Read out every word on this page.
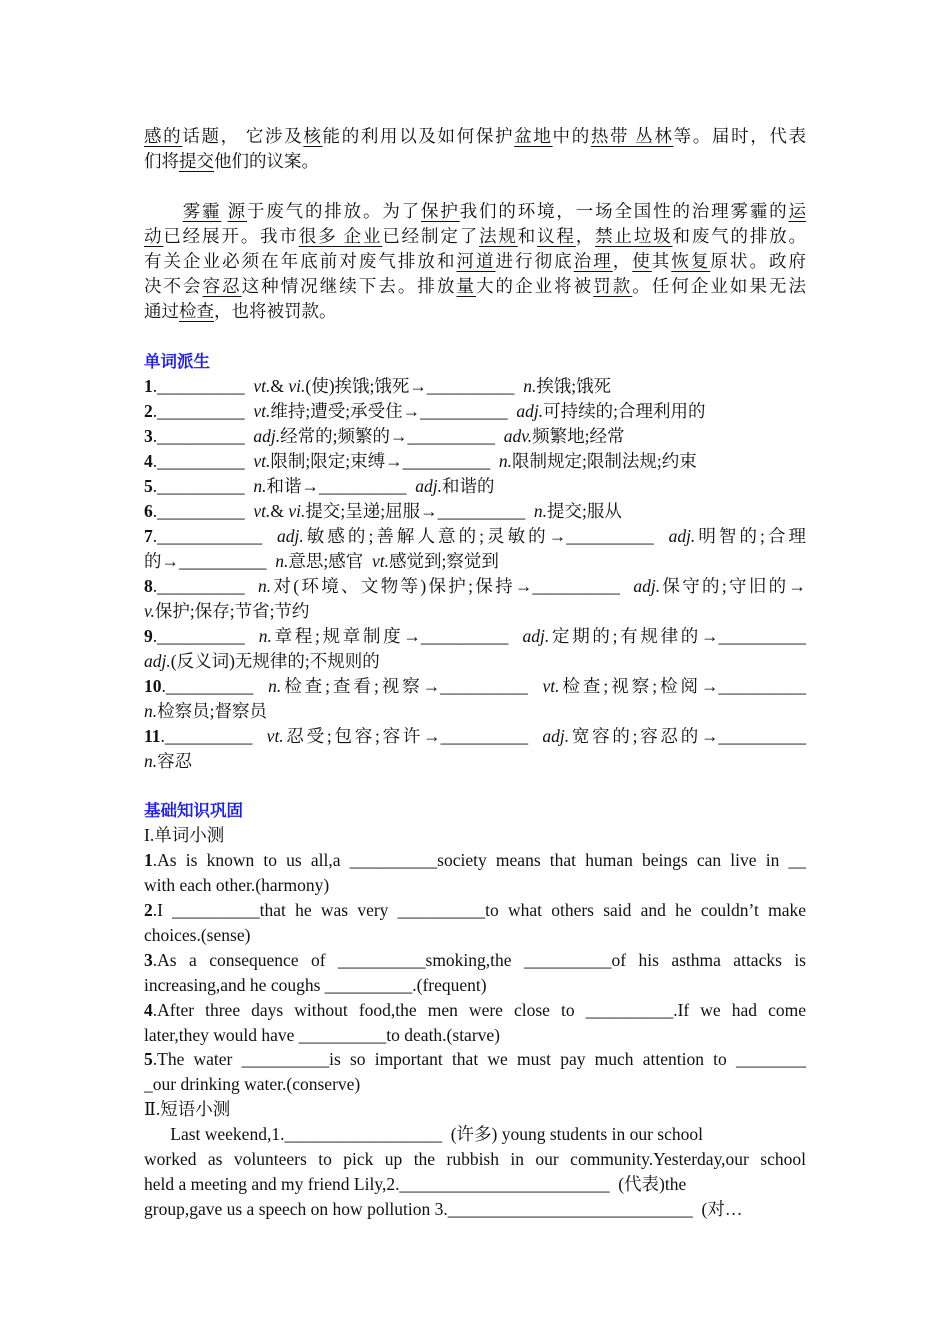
感的话题， 它涉及核能的利用以及如何保护盆地中的热带 丛林等。届时，代表
们将提交他们的议案。
　　雾霾 源于废气的排放。为了保护我们的环境，一场全国性的治理雾霾的运
动已经展开。我市很多 企业已经制定了法规和议程，禁止垃圾和废气的排放。
有关企业必须在年底前对废气排放和河道进行彻底治理，使其恢复原状。政府
决不会容忍这种情况继续下去。排放量大的企业将被罚款。任何企业如果无法
通过检查，也将被罚款。
单词派生
1.__________  vt.& vi.(使)挨饿;饿死→__________  n.挨饿;饿死
2.__________  vt.维持;遭受;承受住→__________  adj.可持续的;合理利用的
3.__________  adj.经常的;频繁的→__________  adv.频繁地;经常
4.__________  vt.限制;限定;束缚→__________  n.限制规定;限制法规;约束
5.__________  n.和谐→__________  adj.和谐的
6.__________  vt.& vi.提交;呈递;屈服→__________  n.提交;服从
7.____________  adj.敏感的;善解人意的;灵敏的→__________  adj.明智的;合理
的→__________  n.意思;感官  vt.感觉到;察觉到
8.__________  n.对(环境、文物等)保护;保持→__________  adj.保守的;守旧的→
v.保护;保存;节省;节约
9.__________  n.章程;规章制度→__________  adj.定期的;有规律的→__________
adj.(反义词)无规律的;不规则的
10.__________  n.检查;查看;视察→__________  vt.检查;视察;检阅→__________
n.检察员;督察员
11.__________  vt.忍受;包容;容许→__________  adj.宽容的;容忍的→__________
n.容忍
基础知识巩固
I.单词小测
1.As is known to us all,a __________society means that human beings can live in __
with each other.(harmony)
2.I __________that he was very __________to what others said and he couldn’t make
choices.(sense)
3.As a consequence of __________smoking,the __________of his asthma attacks is
increasing,and he coughs __________.(frequent)
4.After three days without food,the men were close to __________.If we had come
later,they would have __________to death.(starve)
5.The water __________is so important that we must pay much attention to ________
_our drinking water.(conserve)
Ⅱ.短语小测
Last weekend,1.__________________  (许多) young students in our school
worked as volunteers to pick up the rubbish in our community.Yesterday,our school
held a meeting and my friend Lily,2.________________________  (代表)the
group,gave us a speech on how pollution 3.____________________________  (对…
